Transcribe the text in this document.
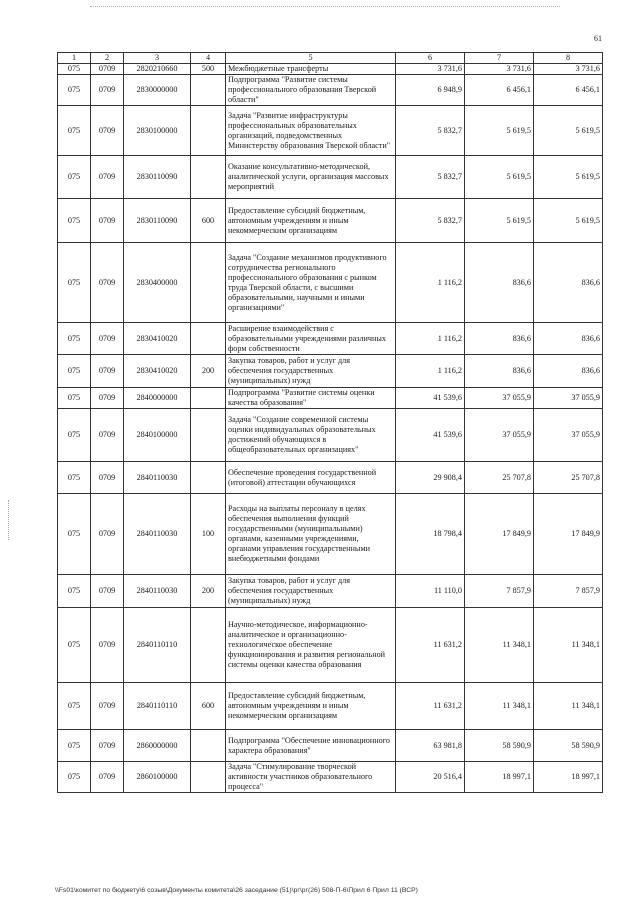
61
1	2	3	4	5	6	7	8
075	0709	2820210660	500	Межбюджетные трансферты	3 731,6	3 731,6	3 731,6
075	0709	2830000000		Подпрограмма "Развитие системы профессионального образования Тверской области"	6 948,9	6 456,1	6 456,1
075	0709	2830100000		Задача "Развитие инфраструктуры профессиональных образовательных организаций, подведомственных Министерству образования Тверской области"	5 832,7	5 619,5	5 619,5
075	0709	2830110090		Оказание консультативно-методической, аналитической услуги, организация массовых мероприятий	5 832,7	5 619,5	5 619,5
075	0709	2830110090	600	Предоставление субсидий бюджетным, автономным учреждениям и иным некоммерческим организациям	5 832,7	5 619,5	5 619,5
075	0709	2830400000		Задача "Создание механизмов продуктивного сотрудничества регионального профессионального образования с рынком труда Тверской области, с высшими образовательными, научными и иными организациями"	1 116,2	836,6	836,6
075	0709	2830410020		Расширение взаимодействия с образовательными учреждениями различных форм собственности	1 116,2	836,6	836,6
075	0709	2830410020	200	Закупка товаров, работ и услуг для обеспечения государственных (муниципальных) нужд	1 116,2	836,6	836,6
075	0709	2840000000		Подпрограмма "Развитие системы оценки качества образования"	41 539,6	37 055,9	37 055,9
075	0709	2840100000		Задача "Создание современной системы оценки индивидуальных образовательных достижений обучающихся в общеобразовательных организациях"	41 539,6	37 055,9	37 055,9
075	0709	2840110030		Обеспечение проведения государственной (итоговой) аттестации обучающихся	29 908,4	25 707,8	25 707,8
075	0709	2840110030	100	Расходы на выплаты персоналу в целях обеспечения выполнения функций государственными (муниципальными) органами, казенными учреждениями, органами управления государственными внебюджетными фондами	18 798,4	17 849,9	17 849,9
075	0709	2840110030	200	Закупка товаров, работ и услуг для обеспечения государственных (муниципальных) нужд	11 110,0	7 857,9	7 857,9
075	0709	2840110110		Научно-методическое, информационно-аналитическое и организационно-технологическое обеспечение функционирования и развития региональной системы оценки качества образования	11 631,2	11 348,1	11 348,1
075	0709	2840110110	600	Предоставление субсидий бюджетным, автономным учреждениям и иным некоммерческим организациям	11 631,2	11 348,1	11 348,1
075	0709	2860000000		Подпрограмма "Обеспечение инновационного характера образования"	63 981,8	58 590,9	58 590,9
075	0709	2860100000		Задача "Стимулирование творческой активности участников образовательного процесса"	20 516,4	18 997,1	18 997,1
\\Fs01\комитет по бюджету\6 созыв\Документы комитета\26 заседание (51)\рг\рг(26) 508-П-6\Прил 6 Прил 11 (ВСР)
